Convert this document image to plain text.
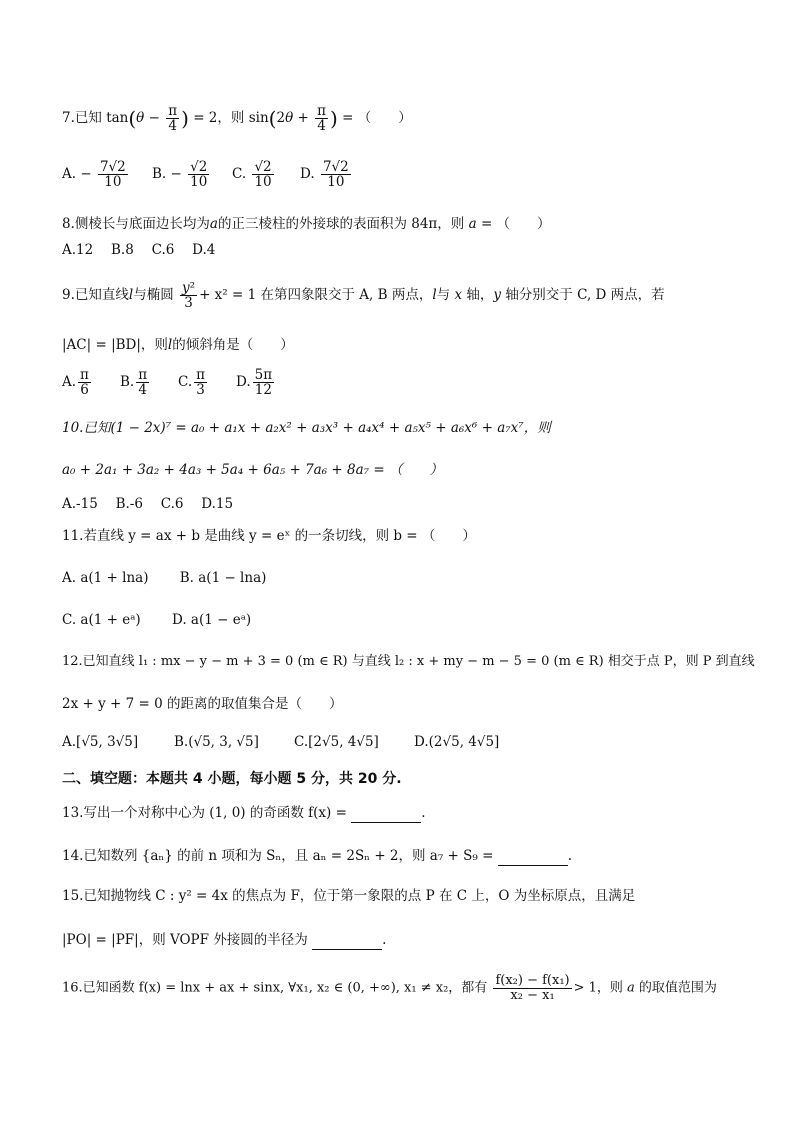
7.已知 $\tan(\theta - \frac{\pi}{4}$ ) = 2，则 $\sin(2\theta + \frac{\pi}{4}$ ) = （　　）
A. − $\frac{7√2}{10} B$. − $\frac{√2}{10} C$. $\frac{√2}{10} D$. $\frac{7√2}{10}$
8.侧棱长与底面边长均为a的正三棱柱的外接球的表面积为 84π，则 a = （　　）
A.12　 B.8　 C.6　 D.4
9.已知直线l与椭圆 $\frac{\text{y²}}{3} + x^2 = 1$ 在第四象限交于 A, B 两点，l与 x 轴，y 轴分别交于 C, D 两点，若
|AC| = |BD|，则l的倾斜角是（　　）
A. $\frac{\pi}{6} B$. $\frac{\pi}{4} C$. $\frac{\pi}{3} D$. $\frac{5\pi}{12}$
10.已知(1 − 2x)⁷ = a₀ + a₁x + a₂x² + a₃x³ + a₄x⁴ + a₅x⁵ + a₆x⁶ + a₇x⁷，则
a₀ + 2a₁ + 3a₂ + 4a₃ + 5a₄ + 6a₅ + 7a₆ + 8a₇ = （　　）
A.-15　 B.-6　 C.6　 D.15
11.若直线 y = ax + b 是曲线 y = eˣ 的一条切线，则 b = （　　）
A. a(1 + lna)　　 B. a(1 − lna)
C. a(1 + eᵃ)　　 D. a(1 − eᵃ)
12.已知直线 l₁ : mx − y − m + 3 = 0 (m ∈ R) 与直线 l₂ : x + my − m − 5 = 0 (m ∈ R) 相交于点 P，则 P 到直线
2x + y + 7 = 0 的距离的取值集合是（　　）
A.[√5, 3√5]	B.(√5, 3, √5]	C.[2√5, 4√5]	D.(2√5, 4√5]
二、填空题：本题共 4 小题，每小题 5 分，共 20 分.
13.写出一个对称中心为 (1, 0) 的奇函数 f(x) =	.
14.已知数列 {aₙ} 的前 n 项和为 Sₙ，且 aₙ = 2Sₙ + 2，则 a₇ + S₉ =	.
15.已知抛物线 C : y² = 4x 的焦点为 F，位于第一象限的点 P 在 C 上，O 为坐标原点，且满足
|PO| = |PF|，则 VOPF 外接圆的半径为	.
16.已知函数 f(x) = lnx + ax + sinx, ∀x₁, x₂ ∈ (0, +∞), x₁ ≠ x₂，都有 $\frac{\text{f(x₂) − f(x₁)}}{\text{x₂ − x₁}} > 1$，则 a 的取值范围为
